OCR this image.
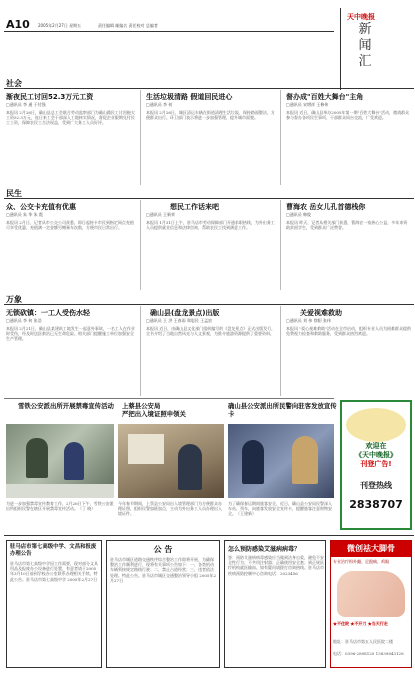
A10 2005年2月27日 星期五	责任编辑 邮编名 责任校对 总编者
天中晚报
新
闻
汇
社会
渐夜民工讨回52.3万元工资
□通讯员 李 通 于付强
本报讯 2月26日，确山县总工会联合劳动监察部门为确山籍民工讨回拖欠工资52.3万元，连日来工会干部深入工地核实情况，督促企业限期兑付民工工资，保障农民工合法权益，受到广大务工人员好评。
生活垃圾清路 假道回民进心
□通讯员 李 何
本报讯 2月26日，城区清运车辆在街道清理生活垃圾，保持路面整洁，方便群众出行。环卫部门表示将进一步加强管理，提升城市面貌。
督办成"百姓大舞台"主角
□通讯员 宋增祥 王修伟
本报讯 近日，确山县举办2005年第一期"百姓大舞台"活动，邀请群众参与督办各项民生事项，干部群众同台交流，广受欢迎。
民生
众、公交卡充值有优惠
□通讯员 朱 华 朱 霞
本报讯 2月日，记者从市公交公司获悉，即日起持卡市民到指定网点充值可享受优惠，充值满一定金额另赠乘车次数，方便市民日常出行。
想民工作话来吧
□通讯员 王新荣
本报讯 1月31日上午，驻马店市劳动保障部门开通求职热线，为外出务工人员提供就业信息和法律咨询，帮助农民工找到满意工作。
曹海农 岳女儿孔首德栈你
□通讯员 韩俊
本报讯 昨天，记者从相关部门获悉，曹海农一家热心公益，多年来资助贫困学生，受到群众广泛赞誉。
万象
无锁砍镇：一工人受伤水轻
□通讯员 李 何 张浩
本报讯 2月21日，确山县某建筑工地发生一起意外事故，一名工人在作业时受伤，经及时送医救治已无生命危险。相关部门提醒施工单位加强安全生产管理。
确山县(盘龙景点)出版
□通讯员 王 洪 王春雨 郑思民 王孟宸
本报讯 近日，由确山县文化部门组织编写的《盘龙景点》正式出版发行，全书介绍了当地自然风光与人文景观，为推介旅游资源提供了重要资料。
关爱视难救助
□通讯员 刘 伟 徐阳 张伟
本报讯 "爱心视难救助"活动在全市启动，组织专业人员为困难群众提供免费视力检查和救助服务，受到群众热烈欢迎。
雪铁公安派出所开展禁毒宣传活动	上蔡县公安局
严把出入境证照申领关
确山县公安派出所民警向驻客发放宣传卡
为进一步加强禁毒宣传教育工作，2月26日下午，雪铁公安派出所组织民警在辖区开展禁毒宣传活动。（丁 晓）
今年春节期间，上蔡县公安局出入境管理部门为方便群众办理证照，组织民警加班加点，主动为外出务工人员办理出入境证件。
为了确保春运期间旅客安全，近日，确山县公安局民警深入车站、列车，向旅客发放安全宣传卡，提醒旅客注意财物安全。（王建新）
欢迎在
《天中晚报》
刊登广告!
刊登热线
2838707
驻马店市第七高级中学、文昌和报废办理公告
驻马店市第七高级中学因工作需要，现对部分文具用品及报废办公设备进行处置，有意者请于2005年3月10日前到学校办公室联系办理相关手续。特此公告。驻马店市第七高级中学 2005年2月27日
公 告
驻马店市城区道路交通秩序综合整治工作即将开展，为确保整治工作顺利进行，现将有关事项公告如下：一、各类机动车辆须按规定路线行驶；二、禁止占道经营；三、违者依法处理。特此公告。驻马店市城区交通整治领导小组 2005年2月27日
怎么预防感染艾滋病病毒？
答：预防艾滋病病毒感染应当做到洁身自爱，避免不安全性行为；不共用注射器；正确使用安全套；到正规医疗机构就医输血。如有疑问请拨打咨询热线。驻马店市疾病预防控制中心咨询电话：2023456
微创祛大脚骨
专业治疗拇外翻、足跟痛、鸡眼
★不住院 ★不开刀 ★当天行走
地址：驻马店市第五人民医院二楼
电话：0396-2898120 13839843128
